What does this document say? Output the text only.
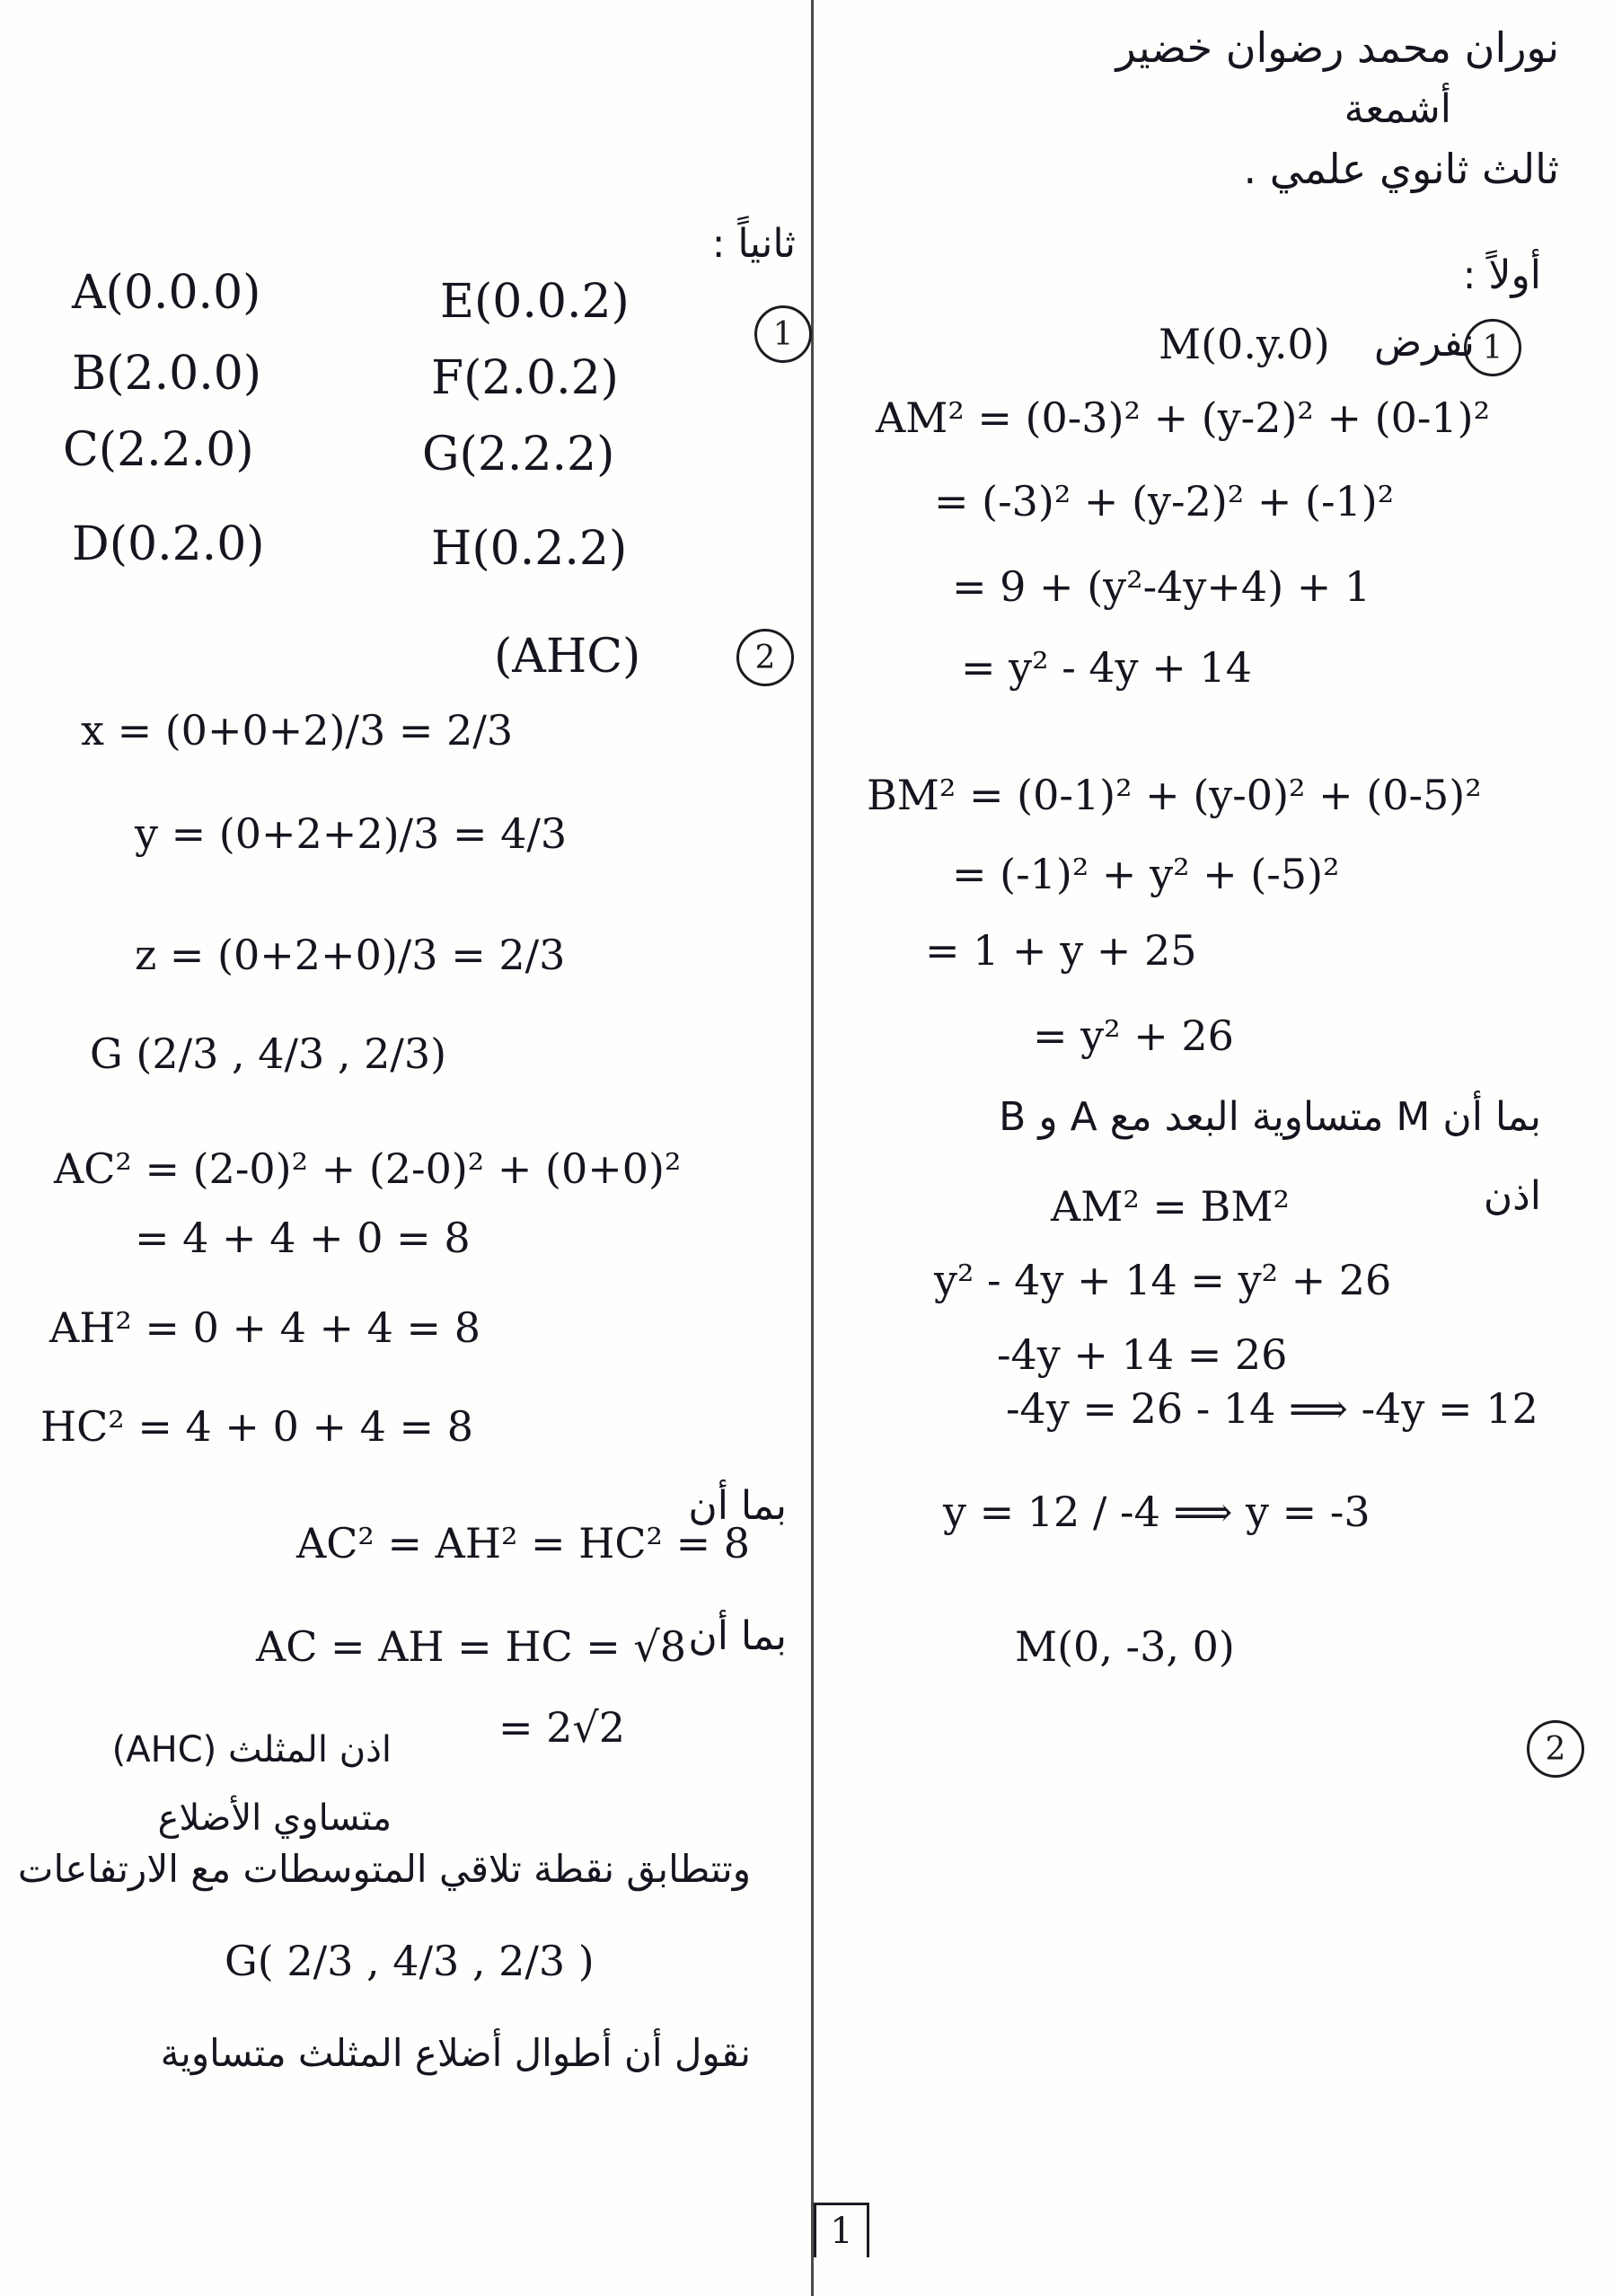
نوران محمد رضوان خضير
أشمعة
ثالث ثانوي علمي .
أولاً :
1
نفرض
M(0.y.0)
AM² = (0-3)² + (y-2)² + (0-1)²
= (-3)² + (y-2)² + (-1)²
= 9 + (y²-4y+4) + 1
= y² - 4y + 14
BM² = (0-1)² + (y-0)² + (0-5)²
= (-1)² + y² + (-5)²
= 1 + y + 25
= y² + 26
بما أن M متساوية البعد مع A و B
اذن
AM² = BM²
y² - 4y + 14 = y² + 26
-4y + 14 = 26
-4y = 26 - 14 ⟹ -4y = 12
y = 12 / -4 ⟹ y = -3
M(0, -3, 0)
2
ثانياً :
1
A(0.0.0)
B(2.0.0)
C(2.2.0)
D(0.2.0)
E(0.0.2)
F(2.0.2)
G(2.2.2)
H(0.2.2)
2
(AHC)
x = (0+0+2)/3 = 2/3
y = (0+2+2)/3 = 4/3
z = (0+2+0)/3 = 2/3
G (2/3 , 4/3 , 2/3)
AC² = (2-0)² + (2-0)² + (0+0)²
= 4 + 4 + 0 = 8
AH² = 0 + 4 + 4 = 8
HC² = 4 + 0 + 4 = 8
بما أن
AC² = AH² = HC² = 8
بما أن
AC = AH = HC = √8
= 2√2
اذن المثلث (AHC) متساوي الأضلاع
وتتطابق نقطة تلاقي المتوسطات مع الارتفاعات
G( 2/3 , 4/3 , 2/3 )
نقول أن أطوال أضلاع المثلث متساوية
1
